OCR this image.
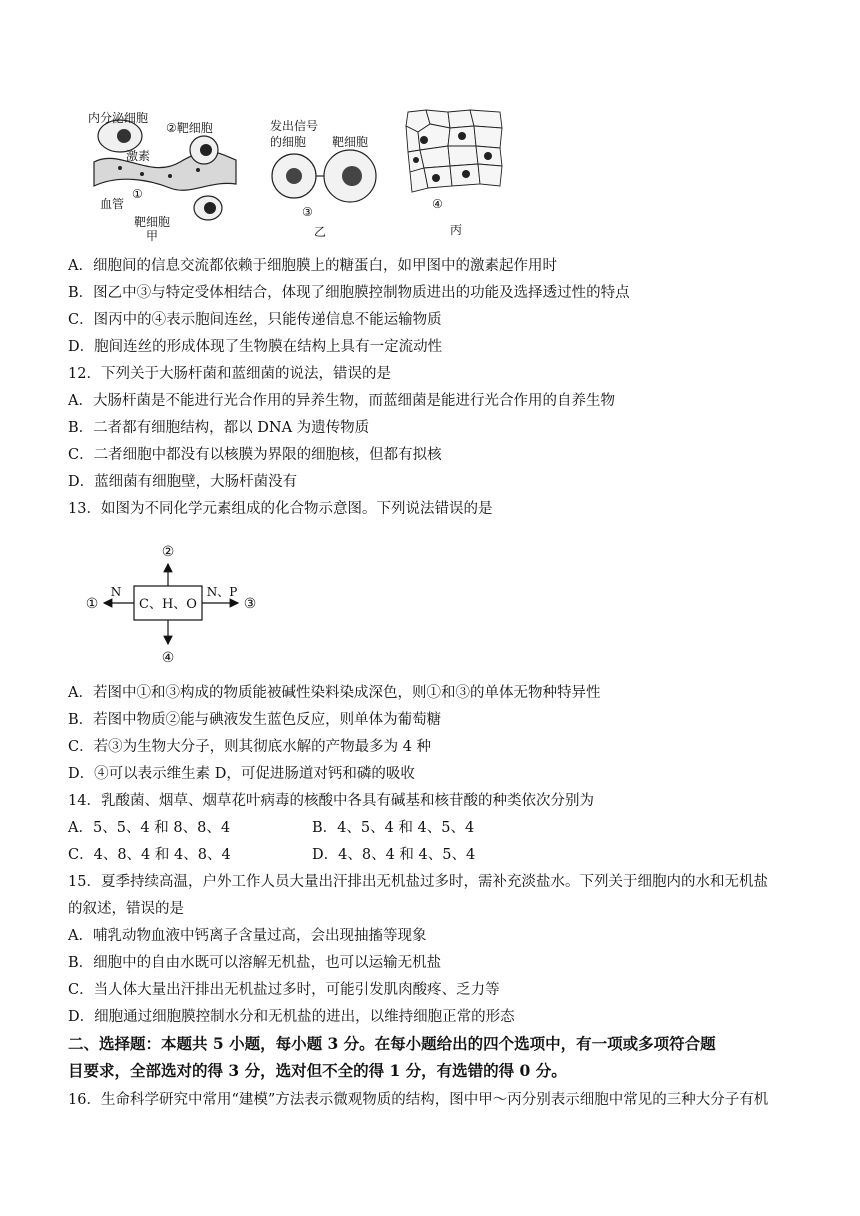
内分泌细胞
②靶细胞
激素
①
血管
靶细胞
甲
发出信号
的细胞 靶细胞
③
乙
④
丙
A．细胞间的信息交流都依赖于细胞膜上的糖蛋白，如甲图中的激素起作用时
B．图乙中③与特定受体相结合，体现了细胞膜控制物质进出的功能及选择透过性的特点
C．图丙中的④表示胞间连丝，只能传递信息不能运输物质
D．胞间连丝的形成体现了生物膜在结构上具有一定流动性
12．下列关于大肠杆菌和蓝细菌的说法，错误的是
A．大肠杆菌是不能进行光合作用的异养生物，而蓝细菌是能进行光合作用的自养生物
B．二者都有细胞结构，都以 DNA 为遗传物质
C．二者细胞中都没有以核膜为界限的细胞核，但都有拟核
D．蓝细菌有细胞壁，大肠杆菌没有
13．如图为不同化学元素组成的化合物示意图。下列说法错误的是
C、H、O
②
④
①	③
N	N、P
A．若图中①和③构成的物质能被碱性染料染成深色，则①和③的单体无物种特异性
B．若图中物质②能与碘液发生蓝色反应，则单体为葡萄糖
C．若③为生物大分子，则其彻底水解的产物最多为 4 种
D．④可以表示维生素 D，可促进肠道对钙和磷的吸收
14．乳酸菌、烟草、烟草花叶病毒的核酸中各具有碱基和核苷酸的种类依次分别为
A．5、5、4 和 8、8、4	B．4、5、4 和 4、5、4
C．4、8、4 和 4、8、4	D．4、8、4 和 4、5、4
15．夏季持续高温，户外工作人员大量出汗排出无机盐过多时，需补充淡盐水。下列关于细胞内的水和无机盐
的叙述，错误的是
A．哺乳动物血液中钙离子含量过高，会出现抽搐等现象
B．细胞中的自由水既可以溶解无机盐，也可以运输无机盐
C．当人体大量出汗排出无机盐过多时，可能引发肌肉酸疼、乏力等
D．细胞通过细胞膜控制水分和无机盐的进出，以维持细胞正常的形态
二、选择题：本题共 5 小题，每小题 3 分。在每小题给出的四个选项中，有一项或多项符合题
目要求，全部选对的得 3 分，选对但不全的得 1 分，有选错的得 0 分。
16．生命科学研究中常用“建模”方法表示微观物质的结构，图中甲～丙分别表示细胞中常见的三种大分子有机
